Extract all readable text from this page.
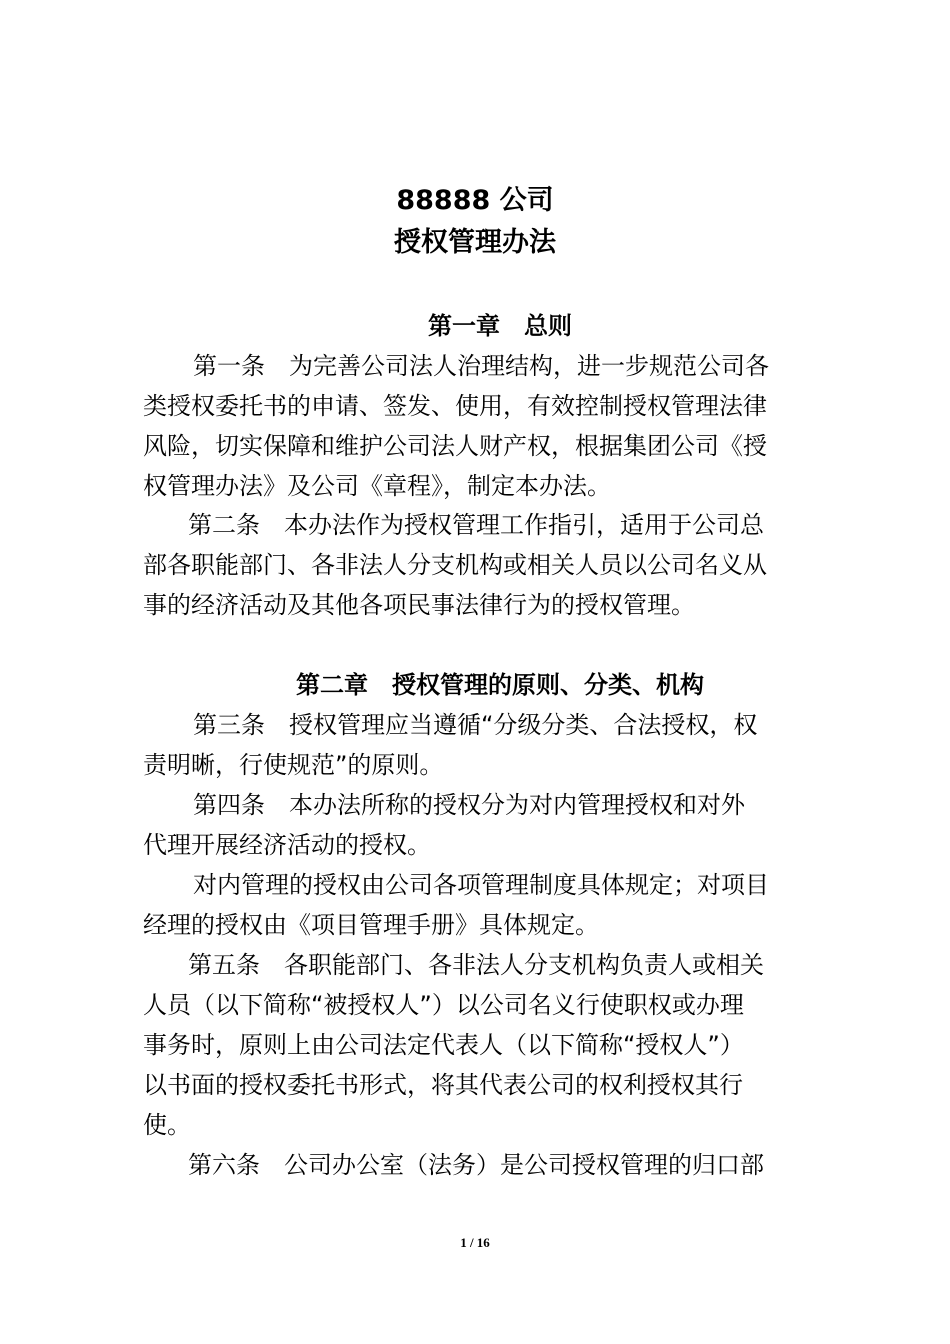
88888 公司
授权管理办法
第一章　总则
第一条　为完善公司法人治理结构，进一步规范公司各
类授权委托书的申请、签发、使用，有效控制授权管理法律
风险，切实保障和维护公司法人财产权，根据集团公司《授
权管理办法》及公司《章程》，制定本办法。
第二条　本办法作为授权管理工作指引，适用于公司总
部各职能部门、各非法人分支机构或相关人员以公司名义从
事的经济活动及其他各项民事法律行为的授权管理。
第二章　授权管理的原则、分类、机构
第三条　授权管理应当遵循“分级分类、合法授权，权
责明晰，行使规范”的原则。
第四条　本办法所称的授权分为对内管理授权和对外
代理开展经济活动的授权。
对内管理的授权由公司各项管理制度具体规定；对项目
经理的授权由《项目管理手册》具体规定。
第五条　各职能部门、各非法人分支机构负责人或相关
人员（以下简称“被授权人”）以公司名义行使职权或办理
事务时，原则上由公司法定代表人（以下简称“授权人”）
以书面的授权委托书形式，将其代表公司的权利授权其行
使。
第六条　公司办公室（法务）是公司授权管理的归口部
1 / 16
